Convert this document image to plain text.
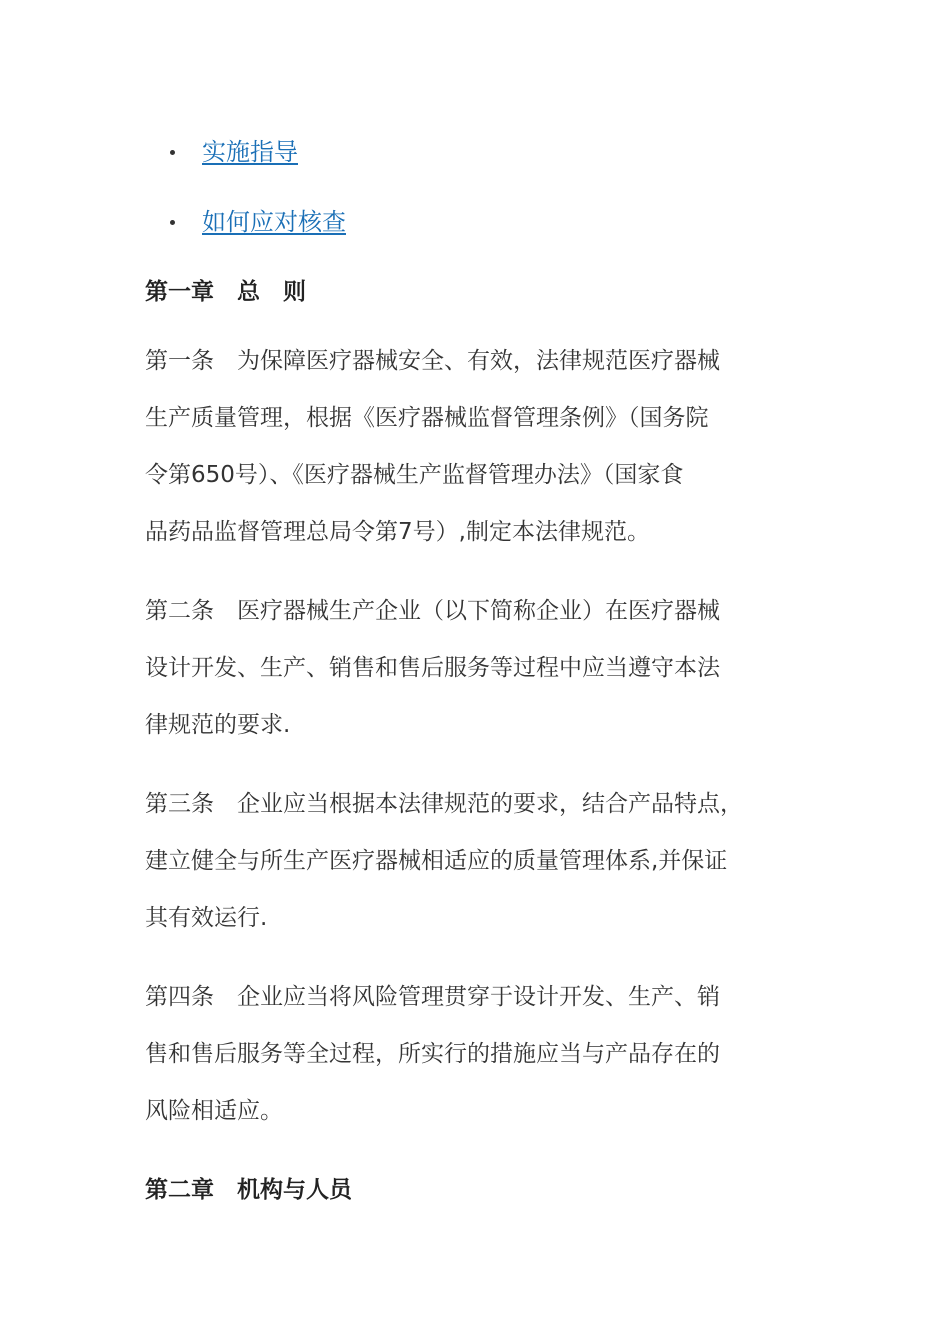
实施指导
如何应对核查
第一章　总　则
第一条　为保障医疗器械安全、有效，法律规范医疗器械
生产质量管理，根据《医疗器械监督管理条例》（国务院
令第650号）、《医疗器械生产监督管理办法》（国家食
品药品监督管理总局令第7号）,制定本法律规范。
第二条　医疗器械生产企业（以下简称企业）在医疗器械
设计开发、生产、销售和售后服务等过程中应当遵守本法
律规范的要求.
第三条　企业应当根据本法律规范的要求，结合产品特点，
建立健全与所生产医疗器械相适应的质量管理体系,并保证
其有效运行.
第四条　企业应当将风险管理贯穿于设计开发、生产、销
售和售后服务等全过程，所实行的措施应当与产品存在的
风险相适应。
第二章　机构与人员
